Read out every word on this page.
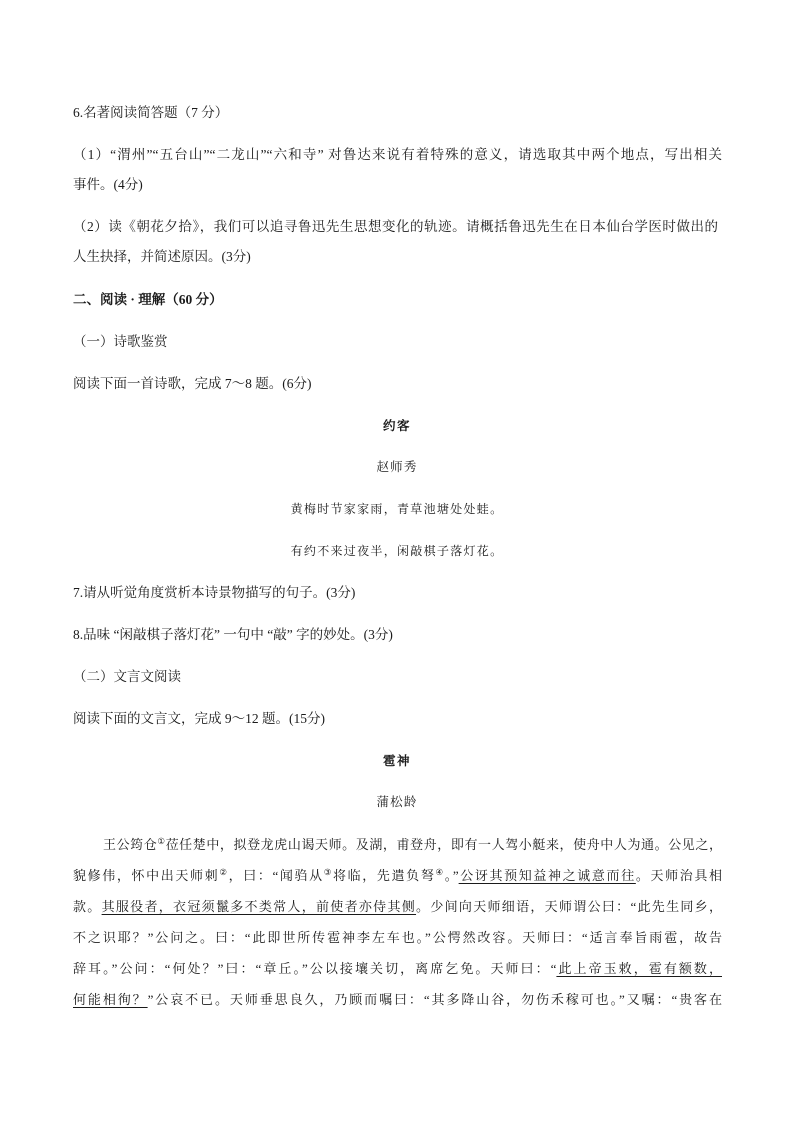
6.名著阅读简答题（7 分）
（1）“渭州”“五台山”“二龙山”“六和寺” 对鲁达来说有着特殊的意义，请选取其中两个地点，写出相关
事件。(4分)
（2）读《朝花夕拾》，我们可以追寻鲁迅先生思想变化的轨迹。请概括鲁迅先生在日本仙台学医时做出的
人生抉择，并简述原因。(3分)
二、阅读 · 理解（60 分）
（一）诗歌鉴赏
阅读下面一首诗歌，完成 7～8 题。(6分)
约客
赵师秀
黄梅时节家家雨，青草池塘处处蛙。
有约不来过夜半，闲敲棋子落灯花。
7.请从听觉角度赏析本诗景物描写的句子。(3分)
8.品味 “闲敲棋子落灯花” 一句中 “敲” 字的妙处。(3分)
（二）文言文阅读
阅读下面的文言文，完成 9～12 题。(15分)
雹神
蒲松龄
王公筠仓①莅任楚中，拟登龙虎山谒天师。及湖，甫登舟，即有一人驾小艇来，使舟中人为通。公见之，
貌修伟，怀中出天师刺②，曰：“闻驺从③将临，先遣负弩④。”公讶其预知益神之诚意而往。天师治具相
款。其服役者，衣冠须鬣多不类常人，前使者亦侍其侧。少间向天师细语，天师谓公曰：“此先生同乡，
不之识耶？”公问之。曰：“此即世所传雹神李左车也。”公愕然改容。天师曰：“适言奉旨雨雹，故告
辞耳。”公问：“何处？”曰：“章丘。”公以接壤关切，离席乞免。天师曰：“此上帝玉敕，雹有额数，
何能相徇？”公哀不已。天师垂思良久，乃顾而嘱曰：“其多降山谷，勿伤禾稼可也。”又嘱：“贵客在
